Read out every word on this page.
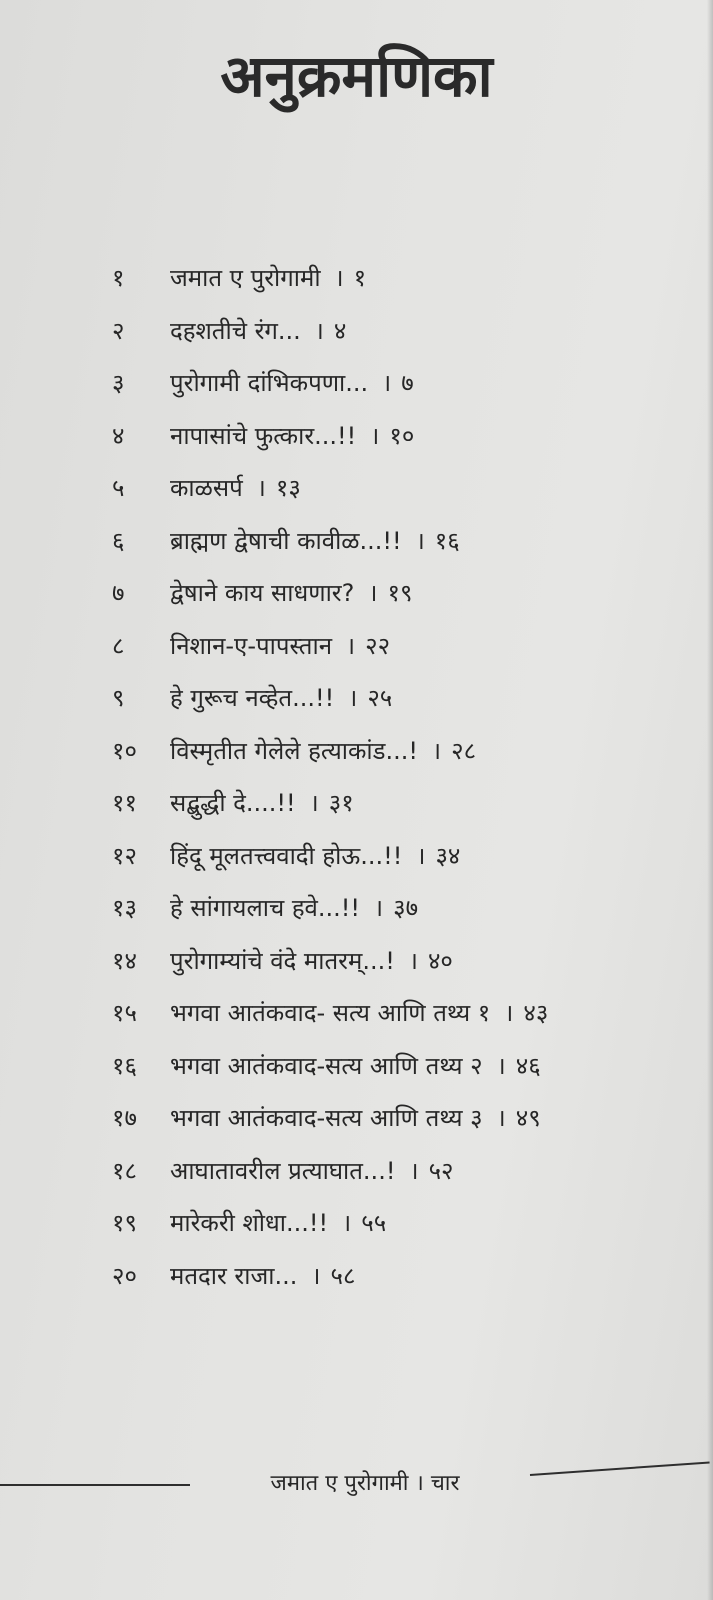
अनुक्रमणिका
१ जमात ए पुरोगामी । १
२ दहशतीचे रंग... । ४
३ पुरोगामी दांभिकपणा... । ७
४ नापासांचे फुत्कार...!! । १०
५ काळसर्प । १३
६ ब्राह्मण द्वेषाची कावीळ...!! । १६
७ द्वेषाने काय साधणार? । १९
८ निशान-ए-पापस्तान । २२
९ हे गुरूच नव्हेत...!! । २५
१० विस्मृतीत गेलेले हत्याकांड...! । २८
११ सद्बुद्धी दे....!! । ३१
१२ हिंदू मूलतत्त्ववादी होऊ...!! । ३४
१३ हे सांगायलाच हवे...!! । ३७
१४ पुरोगाम्यांचे वंदे मातरम्...! । ४०
१५ भगवा आतंकवाद- सत्य आणि तथ्य १ । ४३
१६ भगवा आतंकवाद-सत्य आणि तथ्य २ । ४६
१७ भगवा आतंकवाद-सत्य आणि तथ्य ३ । ४९
१८ आघातावरील प्रत्याघात...! । ५२
१९ मारेकरी शोधा...!! । ५५
२० मतदार राजा... । ५८
जमात ए पुरोगामी । चार
